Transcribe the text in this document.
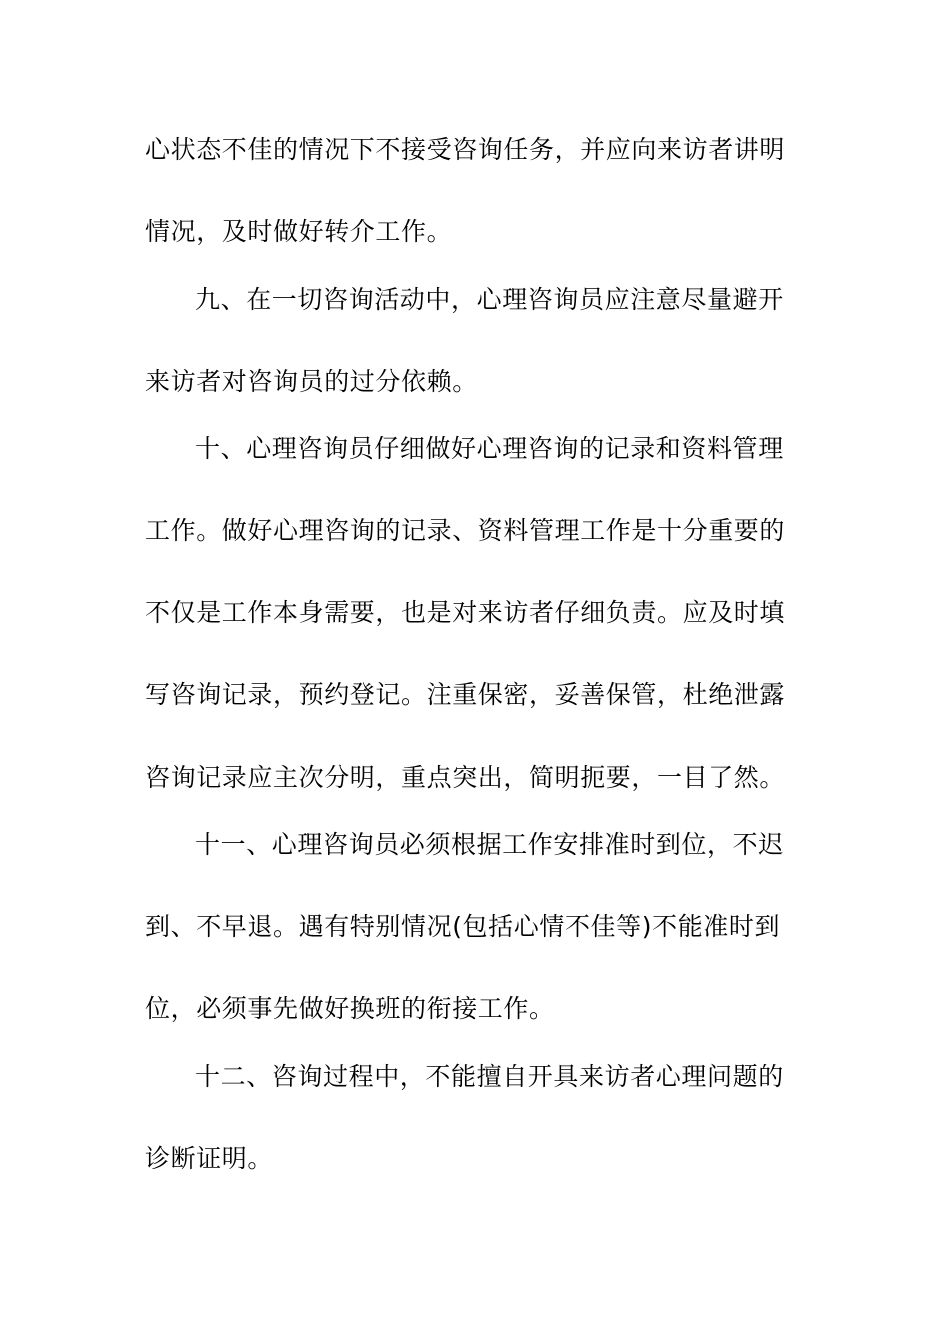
心状态不佳的情况下不接受咨询任务，并应向来访者讲明
情况，及时做好转介工作。
九、在一切咨询活动中，心理咨询员应注意尽量避开
来访者对咨询员的过分依赖。
十、心理咨询员仔细做好心理咨询的记录和资料管理
工作。做好心理咨询的记录、资料管理工作是十分重要的
不仅是工作本身需要，也是对来访者仔细负责。应及时填
写咨询记录，预约登记。注重保密，妥善保管，杜绝泄露
咨询记录应主次分明，重点突出，简明扼要，一目了然。
十一、心理咨询员必须根据工作安排准时到位，不迟
到、不早退。遇有特别情况(包括心情不佳等)不能准时到
位，必须事先做好换班的衔接工作。
十二、咨询过程中，不能擅自开具来访者心理问题的
诊断证明。
